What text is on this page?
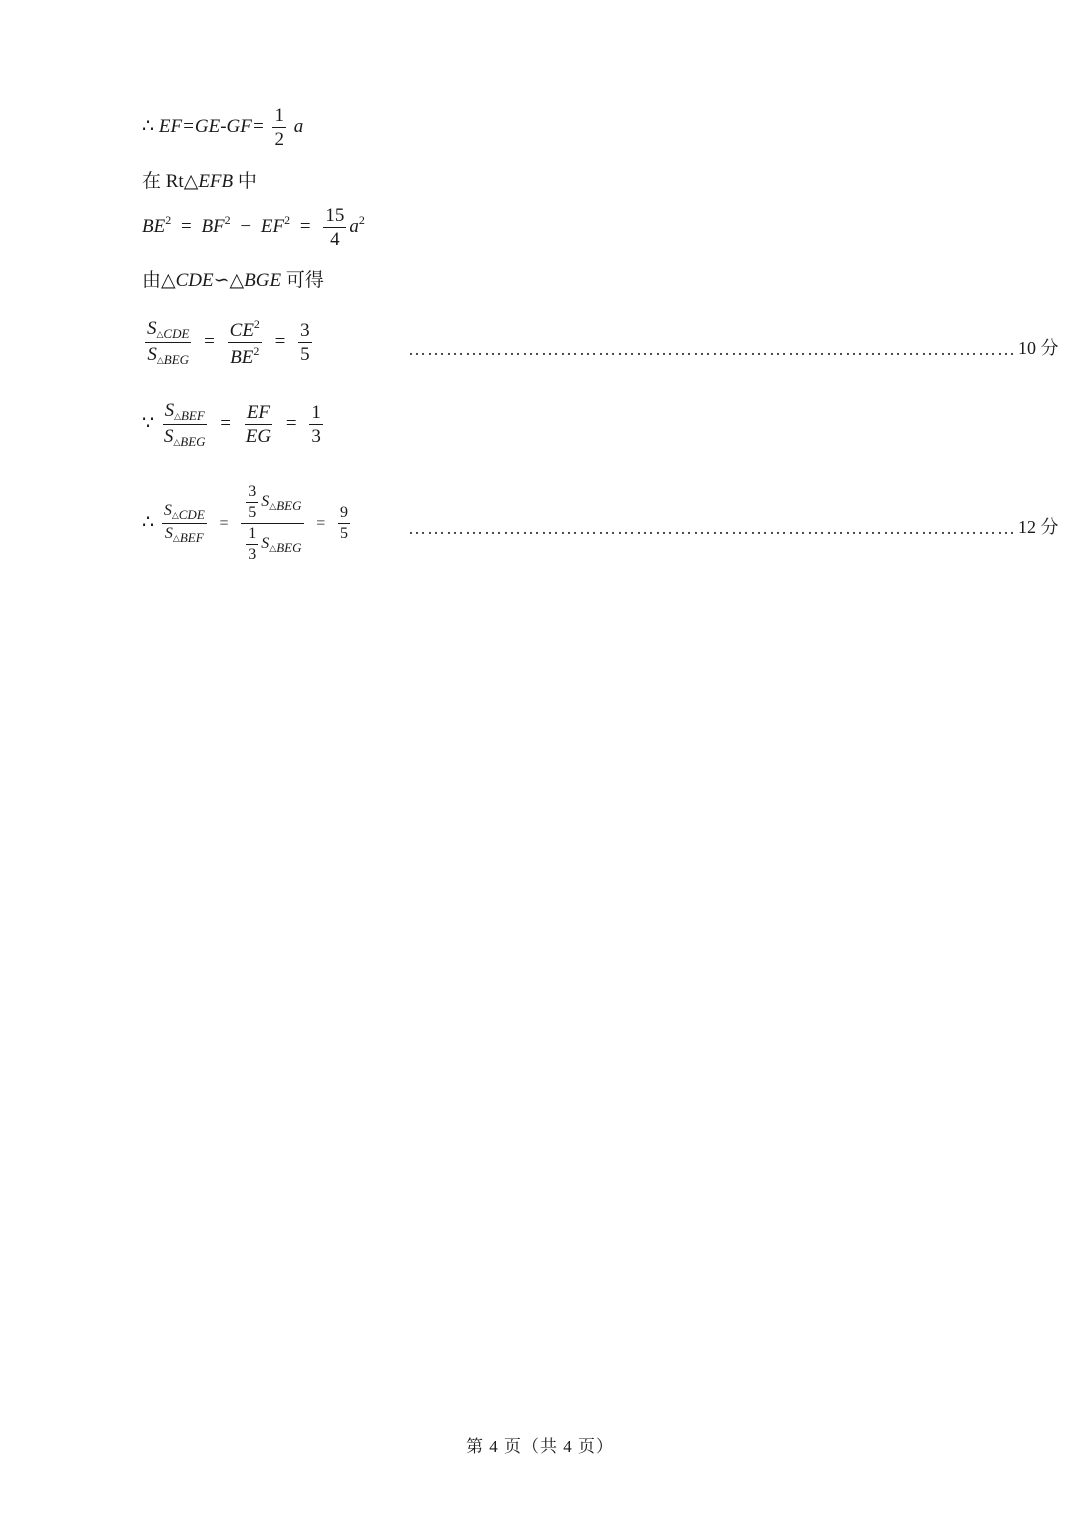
∴ $EF=GE-GF= \frac{1}{2}$ a
在 Rt△EFB 中
$BE^2 = BF^2 - EF^2 = \frac{15}{4} a^2$
由△CDE∽△BGE 可得
$\frac{S\triangle_{CDE}}{S\triangle_{BEG}} = \frac{CE^2}{BE^2} = \frac{3}{5}$	…………………………………………………………………………………… 10 分
∵ $\frac{S\triangle_{BEF}}{S\triangle_{BEG}} = \frac{EF}{EG} = \frac{1}{3}$
∴ $\frac{S\triangle_{CDE}}{S\triangle_{BEF}} = \frac{\frac{3}{5} S\triangle_{BEG}}{\frac{1}{3} S\triangle_{BEG}} = \frac{9}{5}$	…………………………………………………………………………………… 12 分
第 4 页（共 4 页）
